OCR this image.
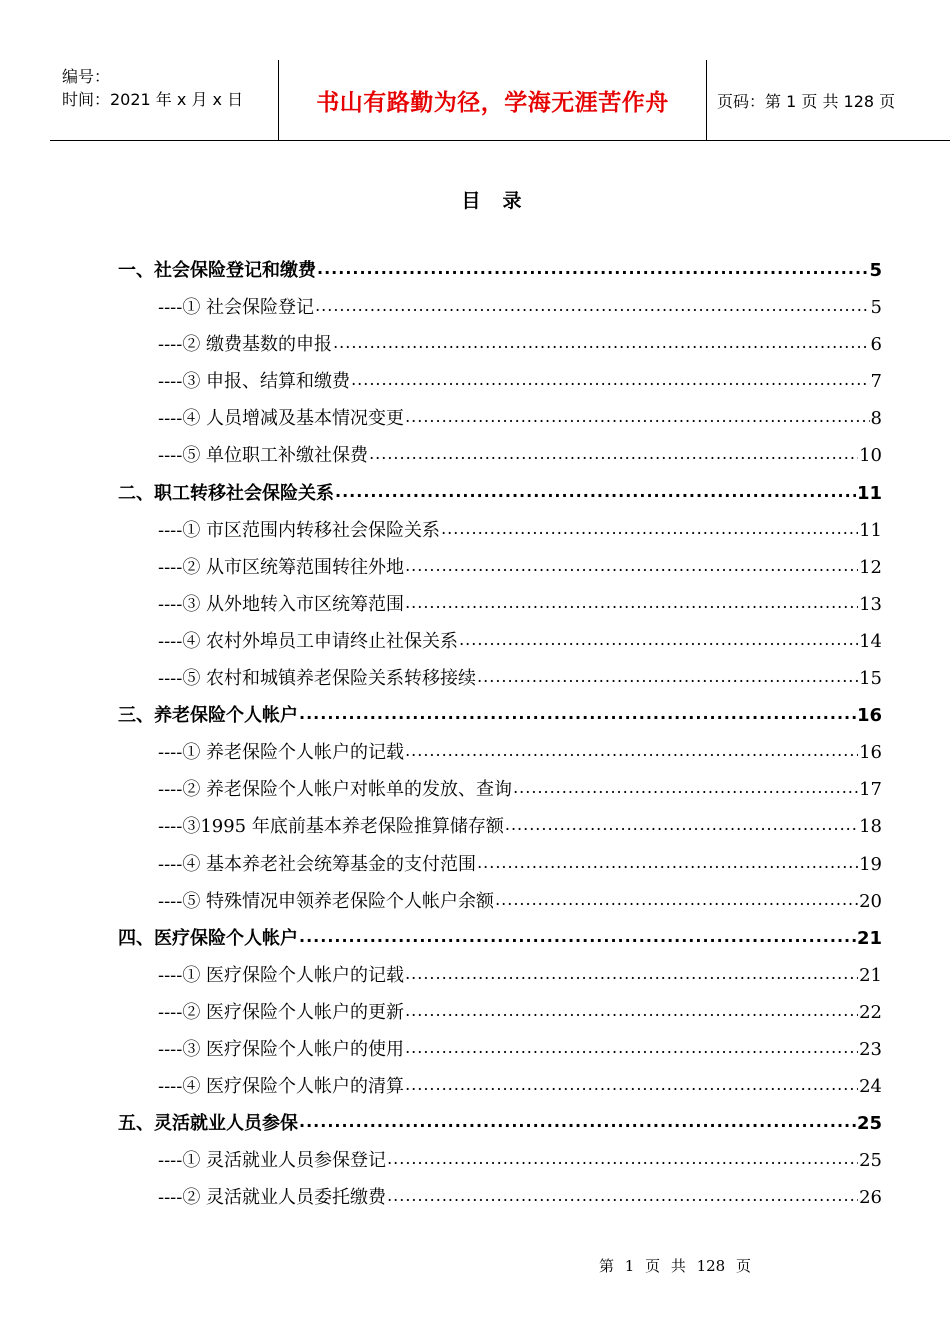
编号：
时间：2021 年 x 月 x 日	书山有路勤为径，学海无涯苦作舟	页码：第 1 页 共 128 页
目录
一、社会保险登记和缴费 .....	5
----① 社会保险登记 .....	5
----② 缴费基数的申报 .....	6
----③ 申报、结算和缴费 .....	7
----④ 人员增减及基本情况变更 .....	8
----⑤ 单位职工补缴社保费 .....	10
二、职工转移社会保险关系 .....	11
----① 市区范围内转移社会保险关系 .....	11
----② 从市区统筹范围转往外地 .....	12
----③ 从外地转入市区统筹范围 .....	13
----④ 农村外埠员工申请终止社保关系 .....	14
----⑤ 农村和城镇养老保险关系转移接续 .....	15
三、养老保险个人帐户 .....	16
----① 养老保险个人帐户的记载 .....	16
----② 养老保险个人帐户对帐单的发放、查询 .....	17
----③1995 年底前基本养老保险推算储存额 .....	18
----④ 基本养老社会统筹基金的支付范围 .....	19
----⑤ 特殊情况申领养老保险个人帐户余额 .....	20
四、医疗保险个人帐户 .....	21
----① 医疗保险个人帐户的记载 .....	21
----② 医疗保险个人帐户的更新 .....	22
----③ 医疗保险个人帐户的使用 .....	23
----④ 医疗保险个人帐户的清算 .....	24
五、灵活就业人员参保 .....	25
----① 灵活就业人员参保登记 .....	25
----② 灵活就业人员委托缴费 .....	26
第 1 页 共 128 页
